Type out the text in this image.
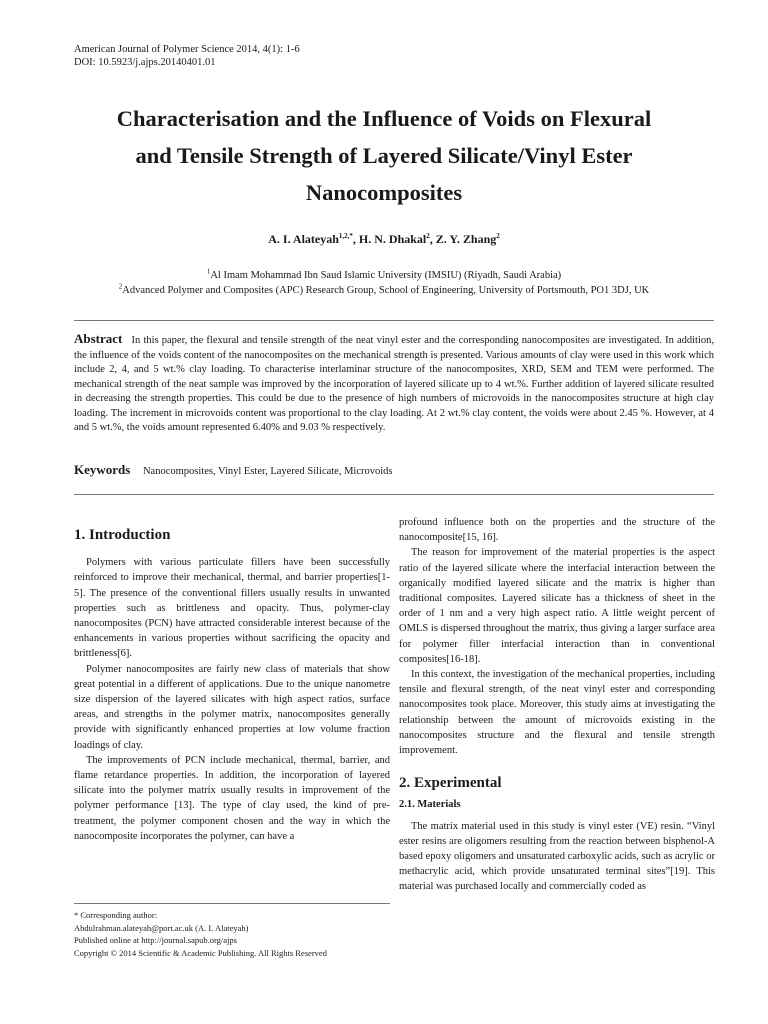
American Journal of Polymer Science 2014, 4(1): 1-6
DOI: 10.5923/j.ajps.20140401.01
Characterisation and the Influence of Voids on Flexural
and Tensile Strength of Layered Silicate/Vinyl Ester
Nanocomposites
A. I. Alateyah$^{1,2,*}$, H. N. Dhakal$^2$, Z. Y. Zhang$^2$
$^1$Al Imam Mohammad Ibn Saud Islamic University (IMSIU) (Riyadh, Saudi Arabia)
$^2$Advanced Polymer and Composites (APC) Research Group, School of Engineering, University of Portsmouth, PO1 3DJ, UK
Abstract In this paper, the flexural and tensile strength of the neat vinyl ester and the corresponding nanocomposites are investigated. In addition, the influence of the voids content of the nanocomposites on the mechanical strength is presented. Various amounts of clay were used in this work which include 2, 4, and 5 wt.% clay loading. To characterise interlaminar structure of the nanocomposites, XRD, SEM and TEM were performed. The mechanical strength of the neat sample was improved by the incorporation of layered silicate up to 4 wt.%. Further addition of layered silicate resulted in decreasing the strength properties. This could be due to the presence of high numbers of microvoids in the nanocomposites structure at high clay loading. The increment in microvoids content was proportional to the clay loading. At 2 wt.% clay content, the voids were about 2.45 %. However, at 4 and 5 wt.%, the voids amount represented 6.40% and 9.03 % respectively.
Keywords Nanocomposites, Vinyl Ester, Layered Silicate, Microvoids
1. Introduction

Polymers with various particulate fillers have been successfully reinforced to improve their mechanical, thermal, and barrier properties[1-5]. The presence of the conventional fillers usually results in unwanted properties such as brittleness and opacity. Thus, polymer-clay nanocomposites (PCN) have attracted considerable interest because of the enhancements in various properties without sacrificing the opacity and brittleness[6].

Polymer nanocomposites are fairly new class of materials that show great potential in a different of applications. Due to the unique nanometre size dispersion of the layered silicates with high aspect ratios, surface areas, and strengths in the polymer matrix, nanocomposites generally provide with significantly enhanced properties at low volume fraction loadings of clay.

The improvements of PCN include mechanical, thermal, barrier, and flame retardance properties. In addition, the incorporation of layered silicate into the polymer matrix usually results in improvement of the polymer performance [13]. The type of clay used, the kind of pre-treatment, the polymer component chosen and the way in which the nanocomposite incorporates the polymer, can have a

profound influence both on the properties and the structure of the nanocomposite[15, 16].

The reason for improvement of the material properties is the aspect ratio of the layered silicate where the interfacial interaction between the organically modified layered silicate and the matrix is higher than traditional composites. Layered silicate has a thickness of sheet in the order of 1 nm and a very high aspect ratio. A little weight percent of OMLS is dispersed throughout the matrix, thus giving a larger surface area for polymer filler interfacial interaction than in conventional composites[16-18].

In this context, the investigation of the mechanical properties, including tensile and flexural strength, of the neat vinyl ester and corresponding nanocomposites took place. Moreover, this study aims at investigating the relationship between the amount of microvoids existing in the nanocomposites structure and the flexural and tensile strength improvement.

2. Experimental
2.1. Materials

The matrix material used in this study is vinyl ester (VE) resin. “Vinyl ester resins are oligomers resulting from the reaction between bisphenol-A based epoxy oligomers and unsaturated carboxylic acids, such as acrylic or methacrylic acid, which provide unsaturated terminal sites”[19]. This material was purchased locally and commercially coded as

* Corresponding author:
Abdulrahman.alateyah@port.ac.uk (A. I. Alateyah)
Published online at http://journal.sapub.org/ajps
Copyright © 2014 Scientific & Academic Publishing. All Rights Reserved
